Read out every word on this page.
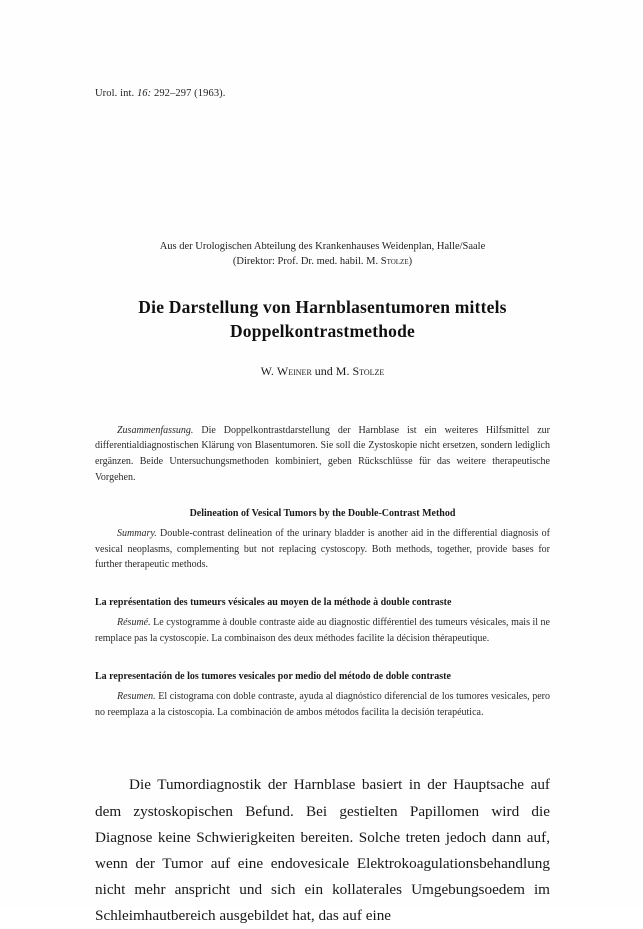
Urol. int. 16: 292–297 (1963).

Aus der Urologischen Abteilung des Krankenhauses Weidenplan, Halle/Saale
(Direktor: Prof. Dr. med. habil. M. Stolze)
Die Darstellung von Harnblasentumoren mittels
Doppelkontrastmethode
W. Weiner und M. Stolze

Zusammenfassung. Die Doppelkontrastdarstellung der Harnblase ist ein weiteres Hilfsmittel zur differentialdiagnostischen Klärung von Blasentumoren. Sie soll die Zystoskopie nicht ersetzen, sondern lediglich ergänzen. Beide Untersuchungsmethoden kombiniert, geben Rückschlüsse für das weitere therapeutische Vorgehen.

Delineation of Vesical Tumors by the Double-Contrast Method

Summary. Double-contrast delineation of the urinary bladder is another aid in the differential diagnosis of vesical neoplasms, complementing but not replacing cystoscopy. Both methods, together, provide bases for further therapeutic methods.

La représentation des tumeurs vésicales au moyen de la méthode à double contraste

Résumé. Le cystogramme à double contraste aide au diagnostic différentiel des tumeurs vésicales, mais il ne remplace pas la cystoscopie. La combinaison des deux méthodes facilite la décision thérapeutique.

La representación de los tumores vesicales por medio del método de doble contraste

Resumen. El cistograma con doble contraste, ayuda al diagnóstico diferencial de los tumores vesicales, pero no reemplaza a la cistoscopia. La combinación de ambos métodos facilita la decisión terapéutica.

Die Tumordiagnostik der Harnblase basiert in der Hauptsache auf dem zystoskopischen Befund. Bei gestielten Papillomen wird die Diagnose keine Schwierigkeiten bereiten. Solche treten jedoch dann auf, wenn der Tumor auf eine endovesicale Elektrokoagulationsbehandlung nicht mehr anspricht und sich ein kollaterales Umgebungsoedem im Schleimhautbereich ausgebildet hat, das auf eine
